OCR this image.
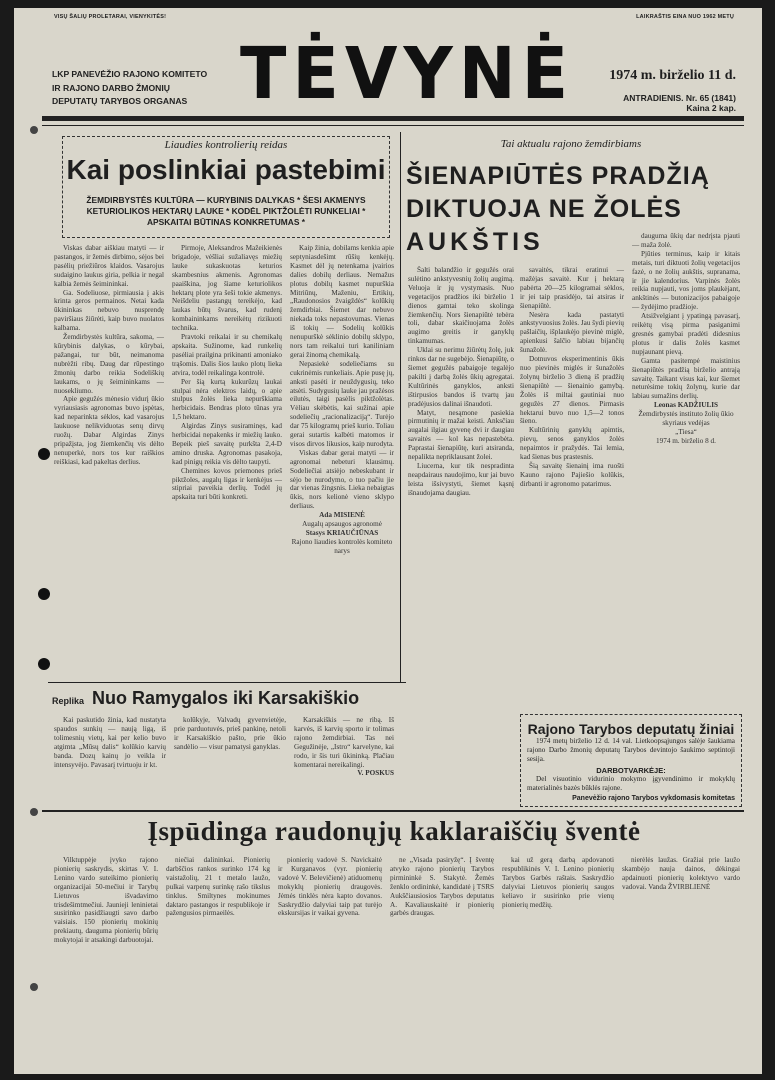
VISŲ ŠALIŲ PROLETARAI, VIENYKITĖS!	LAIKRAŠTIS EINA NUO 1962 METŲ
LKP PANEVĖŽIO RAJONO KOMITETO
IR RAJONO DARBO ŽMONIŲ
DEPUTATŲ TARYBOS ORGANAS TĖVYNĖ	1974 m. birželio 11 d.
ANTRADIENIS. Nr. 65 (1841)
Kaina 2 kap.
Liaudies kontrolierių reidas
Kai poslinkiai pastebimi
ŽEMDIRBYSTĖS KULTŪRA — KURYBINIS DALYKAS * ŠESI AKMENYS KETURIOLIKOS HEKTARŲ LAUKE * KODĖL PIKTŽOLĖTI RUNKELIAI * APSKAITAI BŪTINAS KONKRETUMAS *

Viskas dabar aiškiau matyti — ir pastangos, ir žemės dirbimo, sėjos bei pasėlių priežiūros klaidos. Vasarojus sudaigino laukus giria, pelkia ir negal kalbia žemės šeimininkai.

Ga. Sodeliuose, pirmiausia į akis krinta geros permainos. Netai kada ūkininkas nebuvo nusprendę paviršiaus žiūrėti, kaip buvo nuolatos kalbama.

Žemdirbystės kultūra, sakoma, — kūrybinis dalykas, o kūrybai, pažangai, tur būt, neimanoma nubrėžti ribų. Daug dar rūpestingo žmonių darbo reikia Sodeliškių laukams, o jų šeimininkams — nuosekliumo.

Apie gegužės mėnesio vidurį ūkio vyriausiasis agronomas buvo įspėtas, kad neparinkta sėklos, kad vasarojus laukuose nelikviduotas senų dirvų ruožų. Dabar Algirdas Zinys pripažįsta, jog žiemkenčių vis dėlto nenuperkė, nors tos kur raiškios reiškiasi, kad pakeltas derlius.

Pirmoje, Aleksandros Mažeikienės brigadoje, vėšliai sužaliavęs miežių lauke sukaskuotas keturios skambesnius akmenis. Agronomas paaiškina, jog šiame keturiolikos hektarų plote yra šeši tokie akmenys. Neišdeliu pastangų tereikėjo, kad laukas būtų švarus, kad rudenį kombaininkams nereikėtų rizikuoti technika.

Pravtoki reikalai ir su chemikalų apskaita. Sužinome, kad runkelių pasėliai prailgina prikinanti amoniako trąšomis. Dalis šios lauko plotų lieka atvira, todėl reikalinga kontrolė.

Per šią kurtą kukurūzų laukai stulpai nėra elektros laidų, o apie stulpus žolės lieka nepurškiama herbicidais. Bendras ploto tūnas yra 1,5 hektaro.

Algirdas Zinys susiraminęs, kad herbicidai nepakenks ir miežių lauko. Bepeik pieš savaitę purkšta 2,4-D amino druska. Agronomas pasakoja, kad pinigų reikia vis dėlto taupyti.

Chemines kovos priemones prieš piktžoles, augalų ligas ir kenkėjus — stipriai paveikia derlių. Todėl jų apskaita turi būti konkreti.

Kaip žinia, dobilams kenkia apie septyniasdešimt rūšių kenkėjų. Kasmet dėl jų netenkama įvairios dalies dobilų derliaus. Nemažus plotus dobilų kasmet nupurškia Mitriūnų, Maženiu, Ertikių, „Raudonosios žvaigždės“ kolūkių žemdirbiai. Šiemet dar nebuvo niekada toks nepastovumas. Vienas iš tokių — Sodelių kolūkis nenupurškė sėklinio dobilų sklypo, nors tam reikalui turi kaniliniam gerai žinomą chemikalą.

Nepasiekė sodeliečiams su cukrinėmis runkeliais. Apie pusę jų, anksti pasėti ir neuždygusių, teko atsėti. Sudygusių lauke jau pražėsos eilutės, taigi pasėlis piktžolėtas. Vėliau skėbėtis, kai sužinai apie sodeliečių „racionalizaciją“. Turėjo dar 75 kilogramų prieš kurio. Toliau gerai sutartis kalbėti matomos ir visos dirvos likusios, kaip nurodyta.

Viskas dabar gerai matyti — ir agronomai nebeturi klausimų. Sodeliečiai atsiėjo nebeskubant ir sėjo be nurodymo, o tuo pačiu jie dar vienas žingsnis. Lieka nebaigtas ūkis, nors kelionė vieno sklypo derliaus.

Ada MISIENĖ

Augalų apsaugos agronomė

Stasys KRIAUČIŪNAS

Rajono liaudies kontrolės komiteto narys

Replika Nuo Ramygalos iki Karsakiškio

Kai paskutido žinia, kad nustatyta spaudos sunkių — naują ligą, iš tolimesnių vietų, kai per kelio buvo atgimta „Mūsų dalis“ kolūkio karvių banda. Dozų kainų jo veikla ir intensyvėjo. Pavasarį tvirtuoju ir kt.

kolūkyje, Valvadų gyvenvietėje, prie parduotuvės, prieš pankinę, netoli ir Karsakiškio pašto, prie ūkio sandėlio — visur pamatysi ganyklas.

Karsakiškis — ne ribą. Iš karvės, iš karvių sporto ir tolimas rajono žemdirbiai. Tas nei Gegužinėje, „Istro“ karvelyne, kai rodo, ir šis turi ūkininką. Plačiau komentarai nereikalingi.

V. POSKUS

Tai aktualu rajono žemdirbiams
ŠIENAPIŪTĖS PRADŽIĄ
DIKTUOJA NE ŽOLĖS
AUKŠTIS

Šalti balandžio ir gegužės orai sulėtino ankstyvesnių žolių augimą. Veluoja ir jų vystymasis. Nuo vegetacijos pradžios iki birželio 1 dienos gamtai teko skolinga žiemkenčių. Nors šienapiūtė tebėra toli, dabar skaičiuojama žolės augimo greitis ir ganyklų tinkamumas.

Uklai su nerimu žiūrėtų žolę, juk rinkos dar ne sugebėjo. Šienapiūtę, o šiemet gegužės pabaigoje tegalėjo pakilti į darbą žolės ūkių agregatai. Kultūrinės ganyklos, anksti ištirpusios bandos iš tvartų jau pradėjusios dalinai išnaudoti.

Matyt, nesąmone pasiekia pirmutinių ir mažai keisti. Anksčiau augalai ilgiau gyvenę dvi ir daugiau savaitės — kol kas nepastebėta. Paprastai šienapiūtę, kuri atsiranda, nepalikta nepriklausant žolei.

Liucerna, kur tik nespradinta neapdairaus naudojimo, kur jai buvo leista išsivystyti, šiemet kąsnį išnaudojama daugiau.

savaitės, tikrai eratinui — mažėjas savaitė. Kur į hektarą pabėrta 20—25 kilogramai sėklos, ir jei taip prasidėjo, tai atsiras ir šienapiūtė.

Nesėra kada pastatyti ankstyvuosius žolės. Jau šydi pievių pašlaičių, išplaukėjo pievinė miglė, apienkusi šalčio labiau bijančių šunažolė.

Dotnuvos eksperimentinis ūkis nuo pievinės miglės ir šunažolės žolynų birželio 3 dieną iš pradžių šienapiūtė — šienainio gamybą. Žolės iš miltai gautiniai nuo gegužės 27 dienos. Pirmasis hektarui buvo nuo 1,5—2 tonos šieno.

Kultūrinių ganyklų apimtis, pievų, senos ganyklos žolės nepaimtos ir pražydės. Tai lemia, kad šienas bus prastesnis.

Šią savaitę šienainį ima ruošti Kauno rajono Pajiešio kolūkis, dirbanti ir agronomo patarimus.

dauguma ūkių dar nedrįsta pjauti — maža žolė.

Pjūties terminus, kaip ir kitais metais, turi diktuoti žolių vegetacijos fazė, o ne žolių aukštis, supranama, ir jie kalendorius. Varpinės žolės reikia nupjauti, vos joms plaukėjant, ankštinės — butonizacijos pabaigoje — žydėjimo pradžioje.

Atsižvelgiant į ypatingą pavasarį, reikėtų visą pirma pasiganimi gresnės gamybai pradėti didesnius plotus ir dalis žolės kasmet nupjaunant pievą.

Gamta pasitempė maistinius šienapiūtės pradžią birželio antrają savaitę. Taikant visus kai, kur šiemet neturėsime tokių žolynų, kurie dar labiau sumažins derlių.

Leonas KADŽIULIS

Žemdirbystės instituto žolių ūkio skyriaus vedėjas

„Tiesa“

1974 m. birželio 8 d.

Rajono Tarybos deputatų žiniai

1974 metų birželio 12 d. 14 val. Lietkoopsąjungos salėje šaukiama rajono Darbo žmonių deputatų Tarybos devintojo šaukimo septintoji sesija.

DARBOTVARKĖJE:

Del visuotinio vidurinio mokymo įgyvendinimo ir mokyklų materialinės bazės būklės rajone.

Panevėžio rajono Tarybos vykdomasis komitetas
Įspūdinga raudonųjų kaklaraiščių šventė

Vilktuppėje įvyko rajono pionierių saskrydis, skirtas V. I. Lenino vardo suteikimo pionierių organizacijai 50-mečiui ir Tarybų Lietuvos išvadavimo trisdešimtmečiui. Jaunieji leninietai susirinko pasidžiaugti savo darbo vaisiais. 150 pionierių mokinių prekiautų, dauguma pionierių būrių mokytojai ir atsakingi darbuotojai.

niečiai dalininkai. Pionierių darbščios rankos surinko 174 kg vaistažolių, 21 t metalo laužo, pulkai varpenų surinkę rašo tikslus tinklus. Smiltynes mokinumes daktaro pastangos ir respublikoje ir pažengusios pirmaeilės.

pionierių vadovė S. Navickaitė ir Kurganavos (vyr. pionierių vadovė V. Belevičienė) atiduomenų mokyklų pionierių draugovės. Jėmės tinklės nėra kapto dovanos. Saskrydžio dalyviai taip pat turėjo ekskursijas ir vaikai gyvena.

ne „Visada pasiryžę“. Į šventę atvyko rajono pionierių Tarybos pirmininkė S. Stakytė. Žemės ženklo ordininkė, kandidatė į TSRS Aukščiausiosios Tarybos deputatus A. Kavaliauskaitė ir pionierių garbės draugas.

kai už gerą darbą apdovanoti respublikinės V. I. Lenino pionierių Tarybos Garbės raštais. Saskrydžio dalyviai Lietuvos pionierių saugos keliavo ir susirinko prie vienų pionierių medžių.

nierėlės laužas. Gražiai prie laužo skambėjo nauja dainos, dėkingai apdainuoti pionierių kolektyvo vardo vadovai. Vanda ŽVIRBLIENĖ
